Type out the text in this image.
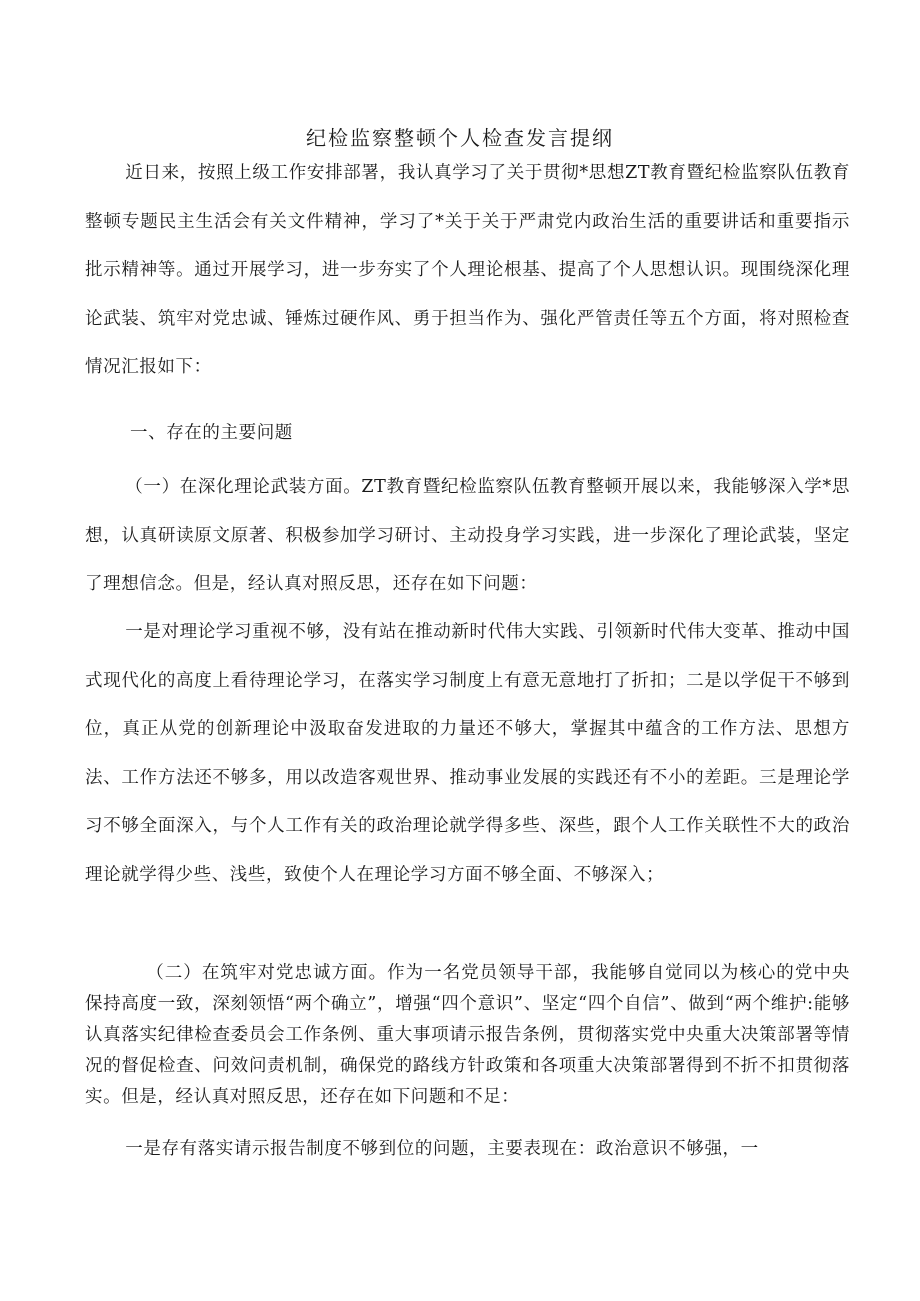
纪检监察整顿个人检查发言提纲

近日来，按照上级工作安排部署，我认真学习了关于贯彻*思想ZT教育暨纪检监察队伍教育整顿专题民主生活会有关文件精神，学习了*关于关于严肃党内政治生活的重要讲话和重要指示批示精神等。通过开展学习，进一步夯实了个人理论根基、提高了个人思想认识。现围绕深化理论武装、筑牢对党忠诚、锤炼过硬作风、勇于担当作为、强化严管责任等五个方面，将对照检查情况汇报如下：

一、存在的主要问题

（一）在深化理论武装方面。ZT教育暨纪检监察队伍教育整顿开展以来，我能够深入学*思想，认真研读原文原著、积极参加学习研讨、主动投身学习实践，进一步深化了理论武装，坚定了理想信念。但是，经认真对照反思，还存在如下问题：

一是对理论学习重视不够，没有站在推动新时代伟大实践、引领新时代伟大变革、推动中国式现代化的高度上看待理论学习，在落实学习制度上有意无意地打了折扣；二是以学促干不够到位，真正从党的创新理论中汲取奋发进取的力量还不够大，掌握其中蕴含的工作方法、思想方法、工作方法还不够多，用以改造客观世界、推动事业发展的实践还有不小的差距。三是理论学习不够全面深入，与个人工作有关的政治理论就学得多些、深些，跟个人工作关联性不大的政治理论就学得少些、浅些，致使个人在理论学习方面不够全面、不够深入；

（二）在筑牢对党忠诚方面。作为一名党员领导干部，我能够自觉同以为核心的党中央保持高度一致，深刻领悟“两个确立”，增强“四个意识”、坚定“四个自信”、做到“两个维护:能够认真落实纪律检查委员会工作条例、重大事项请示报告条例，贯彻落实党中央重大决策部署等情况的督促检查、问效问责机制，确保党的路线方针政策和各项重大决策部署得到不折不扣贯彻落实。但是，经认真对照反思，还存在如下问题和不足：

一是存有落实请示报告制度不够到位的问题，主要表现在：政治意识不够强，一
